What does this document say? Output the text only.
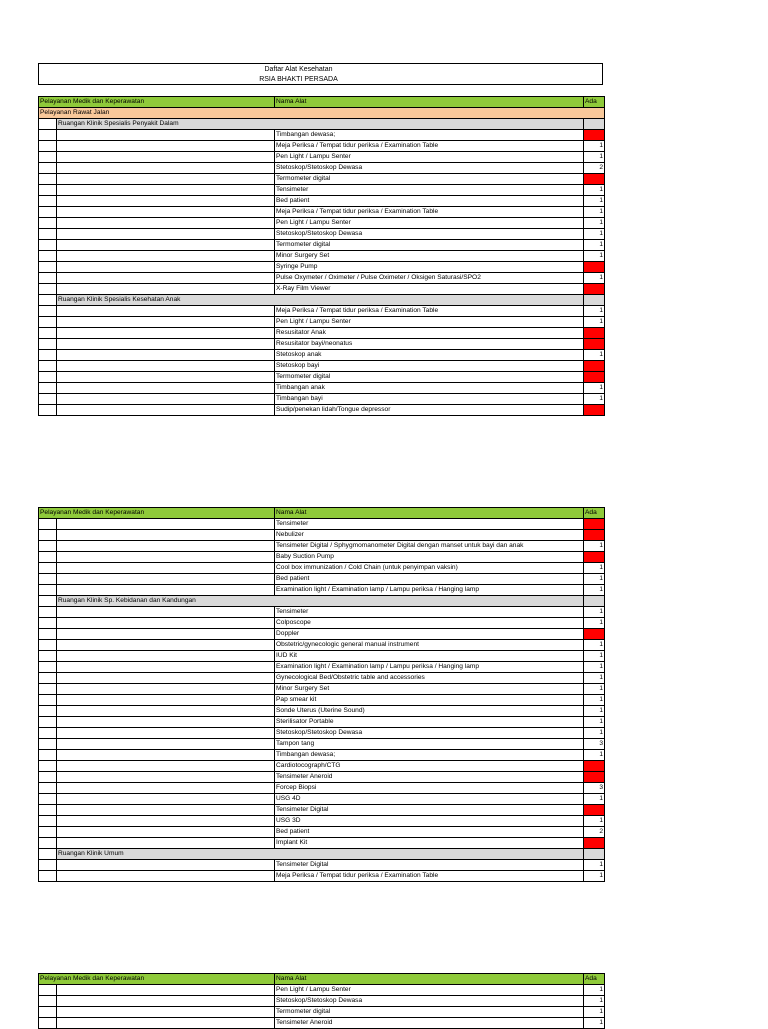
Daftar Alat Kesehatan
RSIA BHAKTI PERSADA
Pelayanan Medik dan Keperawatan		Nama Alat	Ada
Pelayanan Rawat Jalan			
	Ruangan Klinik Spesialis Penyakit Dalam		
		Timbangan dewasa;	0
		Meja Periksa / Tempat tidur periksa / Examination Table	1
		Pen Light / Lampu Senter	1
		Stetoskop/Stetoskop Dewasa	2
		Termometer digital	0
		Tensimeter	1
		Bed patient	1
		Meja Periksa / Tempat tidur periksa / Examination Table	1
		Pen Light / Lampu Senter	1
		Stetoskop/Stetoskop Dewasa	1
		Termometer digital	1
		Minor Surgery Set	1
		Syringe Pump	0
		Pulse Oxymeter / Oximeter / Pulse Oximeter / Oksigen Saturasi/SPO2	1
		X-Ray Film Viewer	0
	Ruangan Klinik Spesialis Kesehatan Anak		
		Meja Periksa / Tempat tidur periksa / Examination Table	1
		Pen Light / Lampu Senter	1
		Resusitator Anak	0
		Resusitator bayi/neonatus	0
		Stetoskop anak	1
		Stetoskop bayi	0
		Termometer digital	0
		Timbangan anak	1
		Timbangan bayi	1
		Sudip/penekan lidah/Tongue depressor	0
Pelayanan Medik dan Keperawatan		Nama Alat	Ada
		Tensimeter	0
		Nebulizer	0
		Tensimeter Digital / Sphygmomanometer Digital dengan manset untuk bayi dan anak	1
		Baby Suction Pump	0
		Cool box immunization / Cold Chain (untuk penyimpan vaksin)	1
		Bed patient	1
		Examination light / Examination lamp / Lampu periksa / Hanging lamp	1
	Ruangan Klinik Sp. Kebidanan dan Kandungan		
		Tensimeter	1
		Colposcope	1
		Doppler	0
		Obstetric/gynecologic general manual instrument	1
		IUD Kit	1
		Examination light / Examination lamp / Lampu periksa / Hanging lamp	1
		Gynecological Bed/Obstetric table and accessories	1
		Minor Surgery Set	1
		Pap smear kit	1
		Sonde Uterus (Uterine Sound)	1
		Sterilisator Portable	1
		Stetoskop/Stetoskop Dewasa	1
		Tampon tang	3
		Timbangan dewasa;	1
		Cardiotocograph/CTG	0
		Tensimeter Aneroid	0
		Forcep Biopsi	3
		USG 4D	1
		Tensimeter Digital	0
		USG 3D	1
		Bed patient	2
		Implant Kit	0
	Ruangan Klinik Umum		
		Tensimeter Digital	1
		Meja Periksa / Tempat tidur periksa / Examination Table	1
Pelayanan Medik dan Keperawatan		Nama Alat	Ada
		Pen Light / Lampu Senter	1
		Stetoskop/Stetoskop Dewasa	1
		Termometer digital	1
		Tensimeter Aneroid	1
